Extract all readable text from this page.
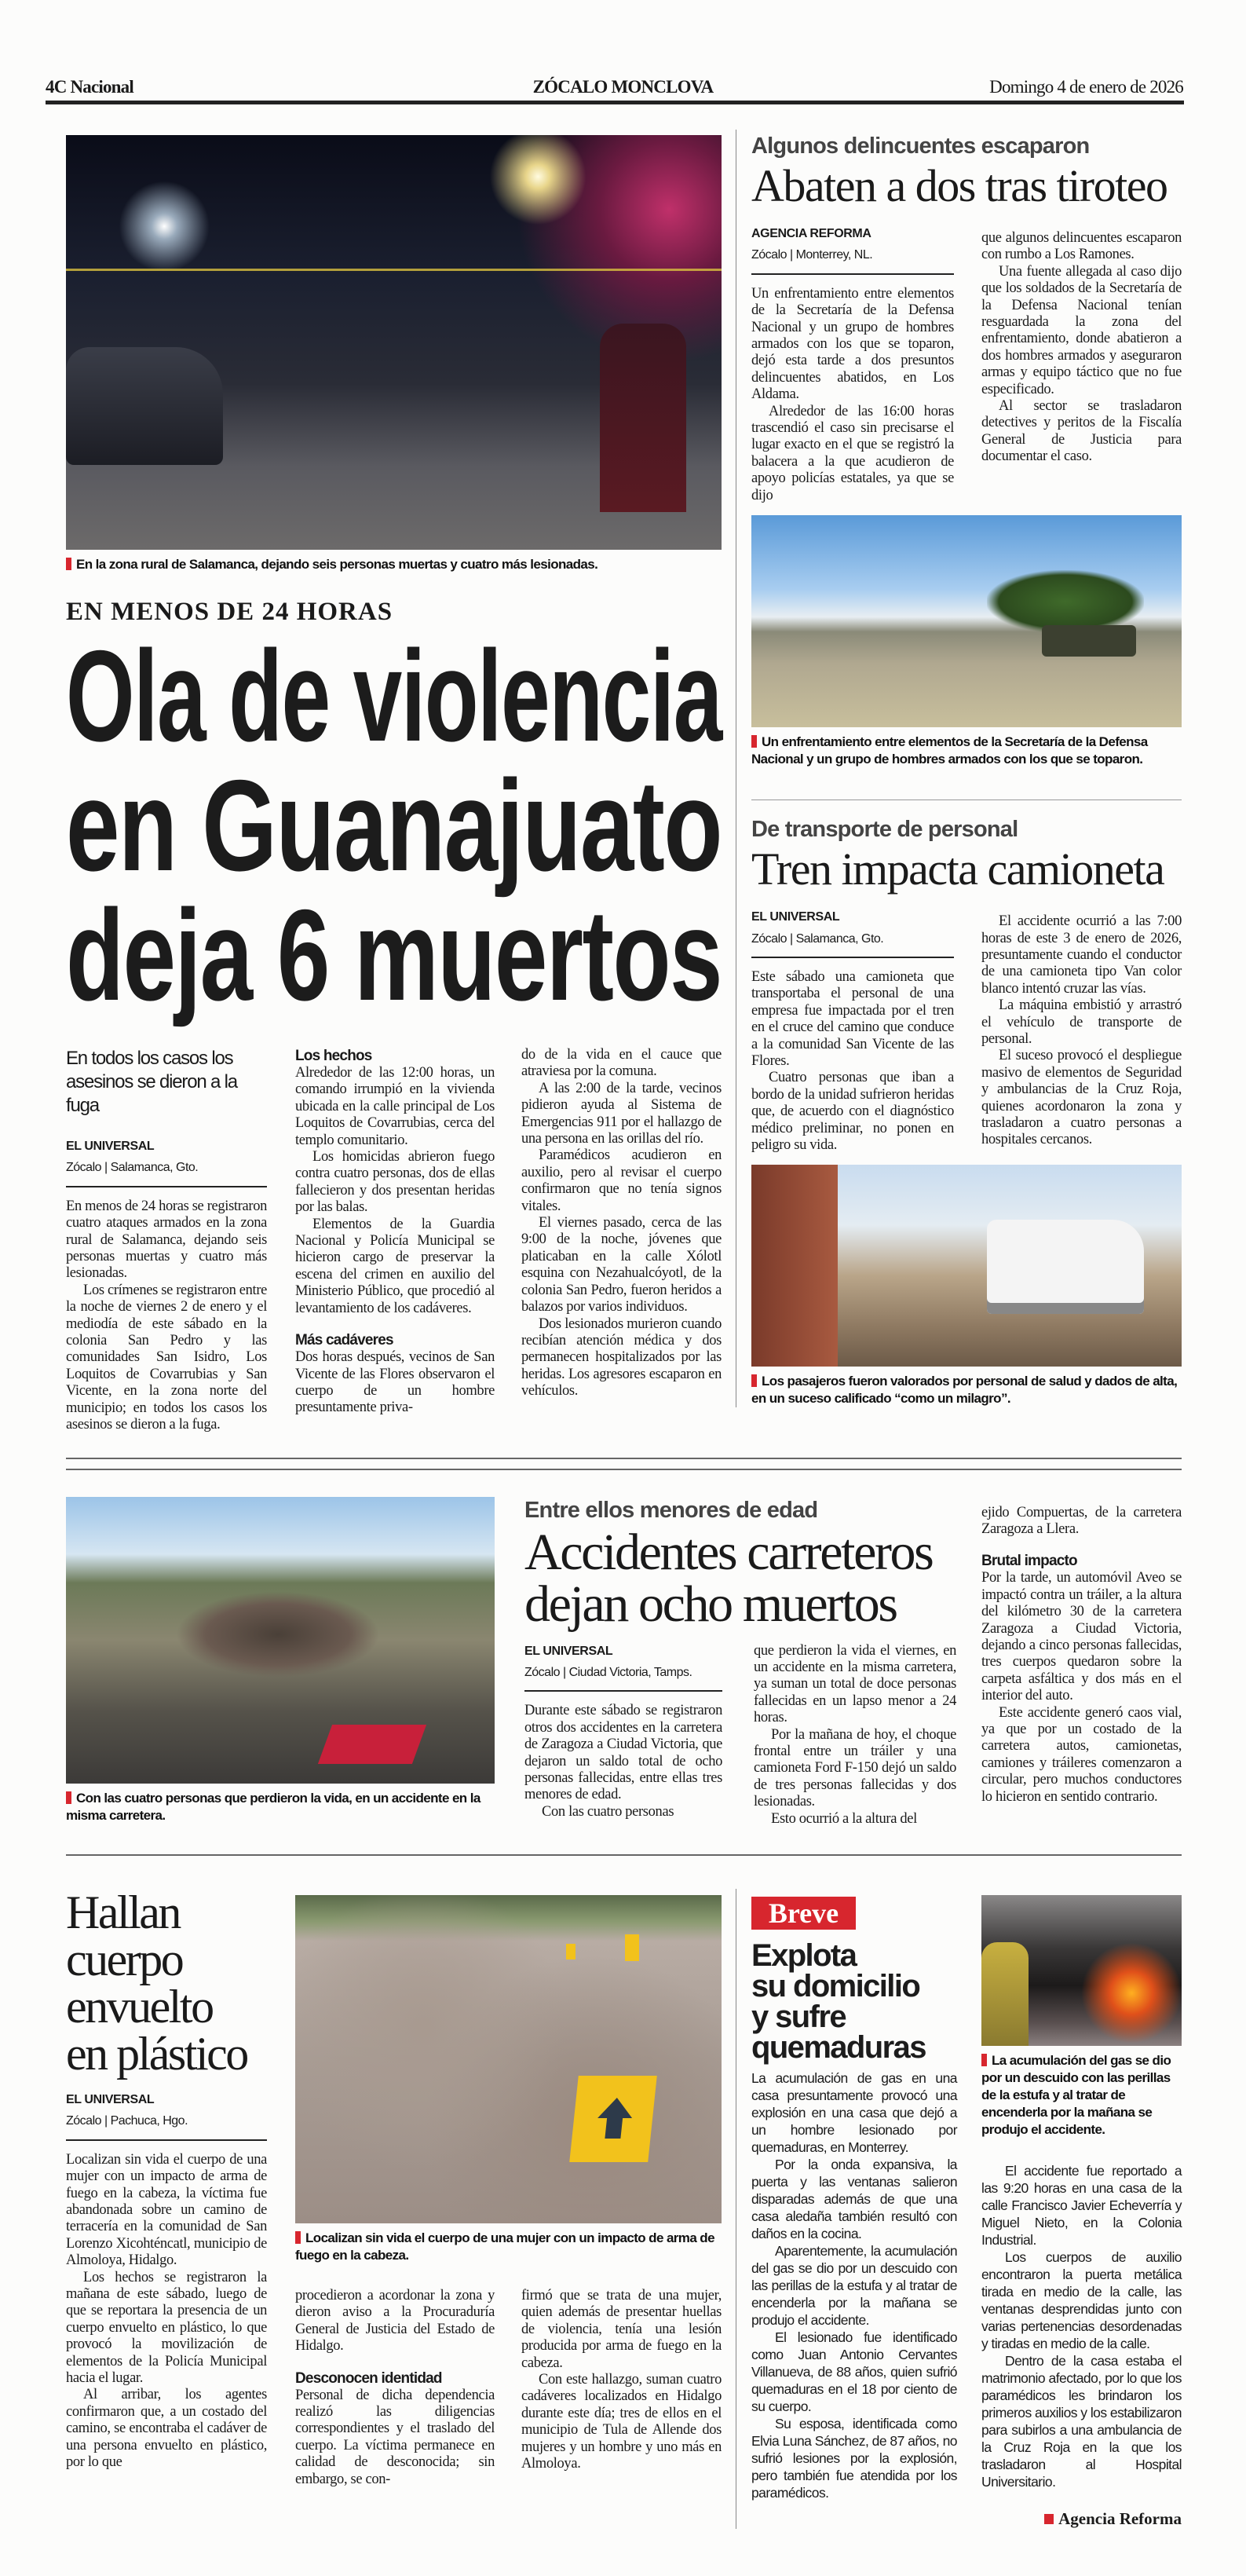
4C Nacional	ZÓCALO MONCLOVA	Domingo 4 de enero de 2026
En la zona rural de Salamanca, dejando seis personas muertas y cuatro más lesionadas.
EN MENOS DE 24 HORAS
Ola de violencia
en Guanajuato
deja 6 muertos
En todos los casos los asesinos se dieron a la fuga
EL UNIVERSAL
Zócalo | Salamanca, Gto.

En menos de 24 horas se registraron cuatro ataques armados en la zona rural de Salamanca, dejando seis personas muertas y cuatro más lesionadas.

Los crímenes se registraron entre la noche de viernes 2 de enero y el mediodía de este sábado en la colonia San Pedro y las comunidades San Isidro, Los Loquitos de Covarrubias y San Vicente, en la zona norte del municipio; en todos los casos los asesinos se dieron a la fuga.

Los hechos

Alrededor de las 12:00 horas, un comando irrumpió en la vivienda ubicada en la calle principal de Los Loquitos de Covarrubias, cerca del templo comunitario.

Los homicidas abrieron fuego contra cuatro personas, dos de ellas fallecieron y dos presentan heridas por las balas.

Elementos de la Guardia Nacional y Policía Municipal se hicieron cargo de preservar la escena del crimen en auxilio del Ministerio Público, que procedió al levantamiento de los cadáveres.

Más cadáveres

Dos horas después, vecinos de San Vicente de las Flores observaron el cuerpo de un hombre presuntamente priva-

do de la vida en el cauce que atraviesa por la comuna.

A las 2:00 de la tarde, vecinos pidieron ayuda al Sistema de Emergencias 911 por el hallazgo de una persona en las orillas del río.

Paramédicos acudieron en auxilio, pero al revisar el cuerpo confirmaron que no tenía signos vitales.

El viernes pasado, cerca de las 9:00 de la noche, jóvenes que platicaban en la calle Xólotl esquina con Nezahualcóyotl, de la colonia San Pedro, fueron heridos a balazos por varios individuos.

Dos lesionados murieron cuando recibían atención médica y dos permanecen hospitalizados por las heridas. Los agresores escaparon en vehículos.

Algunos delincuentes escaparon
Abaten a dos tras tiroteo
AGENCIA REFORMA
Zócalo | Monterrey, NL.

Un enfrentamiento entre elementos de la Secretaría de la Defensa Nacional y un grupo de hombres armados con los que se toparon, dejó esta tarde a dos presuntos delincuentes abatidos, en Los Aldama.

Alrededor de las 16:00 horas trascendió el caso sin precisarse el lugar exacto en el que se registró la balacera a la que acudieron de apoyo policías estatales, ya que se dijo

que algunos delincuentes escaparon con rumbo a Los Ramones.

Una fuente allegada al caso dijo que los soldados de la Secretaría de la Defensa Nacional tenían resguardada la zona del enfrentamiento, donde abatieron a dos hombres armados y aseguraron armas y equipo táctico que no fue especificado.

Al sector se trasladaron detectives y peritos de la Fiscalía General de Justicia para documentar el caso.

Un enfrentamiento entre elementos de la Secretaría de la Defensa Nacional y un grupo de hombres armados con los que se toparon.
De transporte de personal
Tren impacta camioneta
EL UNIVERSAL
Zócalo | Salamanca, Gto.

Este sábado una camioneta que transportaba el personal de una empresa fue impactada por el tren en el cruce del camino que conduce a la comunidad San Vicente de las Flores.

Cuatro personas que iban a bordo de la unidad sufrieron heridas que, de acuerdo con el diagnóstico médico preliminar, no ponen en peligro su vida.

El accidente ocurrió a las 7:00 horas de este 3 de enero de 2026, presuntamente cuando el conductor de una camioneta tipo Van color blanco intentó cruzar las vías.

La máquina embistió y arrastró el vehículo de transporte de personal.

El suceso provocó el despliegue masivo de elementos de Seguridad y ambulancias de la Cruz Roja, quienes acordonaron la zona y trasladaron a cuatro personas a hospitales cercanos.

Los pasajeros fueron valorados por personal de salud y dados de alta, en un suceso calificado “como un milagro”.
Con las cuatro personas que perdieron la vida, en un accidente en la misma carretera.
Entre ellos menores de edad
Accidentes carreteros
dejan ocho muertos
EL UNIVERSAL
Zócalo | Ciudad Victoria, Tamps.

Durante este sábado se registraron otros dos accidentes en la carretera de Zaragoza a Ciudad Victoria, que dejaron un saldo total de ocho personas fallecidas, entre ellas tres menores de edad.

Con las cuatro personas

que perdieron la vida el viernes, en un accidente en la misma carretera, ya suman un total de doce personas fallecidas en un lapso menor a 24 horas.

Por la mañana de hoy, el choque frontal entre un tráiler y una camioneta Ford F-150 dejó un saldo de tres personas fallecidas y dos lesionadas.

Esto ocurrió a la altura del

ejido Compuertas, de la carretera Zaragoza a Llera.

Brutal impacto

Por la tarde, un automóvil Aveo se impactó contra un tráiler, a la altura del kilómetro 30 de la carretera Zaragoza a Ciudad Victoria, dejando a cinco personas fallecidas, tres cuerpos quedaron sobre la carpeta asfáltica y dos más en el interior del auto.

Este accidente generó caos vial, ya que por un costado de la carretera autos, camionetas, camiones y tráileres comenzaron a circular, pero muchos conductores lo hicieron en sentido contrario.

Hallan
cuerpo
envuelto
en plástico
EL UNIVERSAL
Zócalo | Pachuca, Hgo.

Localizan sin vida el cuerpo de una mujer con un impacto de arma de fuego en la cabeza, la víctima fue abandonada sobre un camino de terracería en la comunidad de San Lorenzo Xicohténcatl, municipio de Almoloya, Hidalgo.

Los hechos se registraron la mañana de este sábado, luego de que se reportara la presencia de un cuerpo envuelto en plástico, lo que provocó la movilización de elementos de la Policía Municipal hacia el lugar.

Al arribar, los agentes confirmaron que, a un costado del camino, se encontraba el cadáver de una persona envuelto en plástico, por lo que

Localizan sin vida el cuerpo de una mujer con un impacto de arma de fuego en la cabeza.

procedieron a acordonar la zona y dieron aviso a la Procuraduría General de Justicia del Estado de Hidalgo.

Desconocen identidad

Personal de dicha dependencia realizó las diligencias correspondientes y el traslado del cuerpo. La víctima permanece en calidad de desconocida; sin embargo, se con-

firmó que se trata de una mujer, quien además de presentar huellas de violencia, tenía una lesión producida por arma de fuego en la cabeza.

Con este hallazgo, suman cuatro cadáveres localizados en Hidalgo durante este día; tres de ellos en el municipio de Tula de Allende dos mujeres y un hombre y uno más en Almoloya.

Breve
Explota
su domicilio
y sufre
quemaduras

La acumulación de gas en una casa presuntamente provocó una explosión en una casa que dejó a un hombre lesionado por quemaduras, en Monterrey.

Por la onda expansiva, la puerta y las ventanas salieron disparadas además de que una casa aledaña también resultó con daños en la cocina.

Aparentemente, la acumulación del gas se dio por un descuido con las perillas de la estufa y al tratar de encenderla por la mañana se produjo el accidente.

El lesionado fue identificado como Juan Antonio Cervantes Villanueva, de 88 años, quien sufrió quemaduras en el 18 por ciento de su cuerpo.

Su esposa, identificada como Elvia Luna Sánchez, de 87 años, no sufrió lesiones por la explosión, pero también fue atendida por los paramédicos.

La acumulación del gas se dio por un descuido con las perillas de la estufa y al tratar de encenderla por la mañana se produjo el accidente.

El accidente fue reportado a las 9:20 horas en una casa de la calle Francisco Javier Echeverría y Miguel Nieto, en la Colonia Industrial.

Los cuerpos de auxilio encontraron la puerta metálica tirada en medio de la calle, las ventanas desprendidas junto con varias pertenencias desordenadas y tiradas en medio de la calle.

Dentro de la casa estaba el matrimonio afectado, por lo que los paramédicos les brindaron los primeros auxilios y los estabilizaron para subirlos a una ambulancia de la Cruz Roja en la que los trasladaron al Hospital Universitario.

Agencia Reforma
